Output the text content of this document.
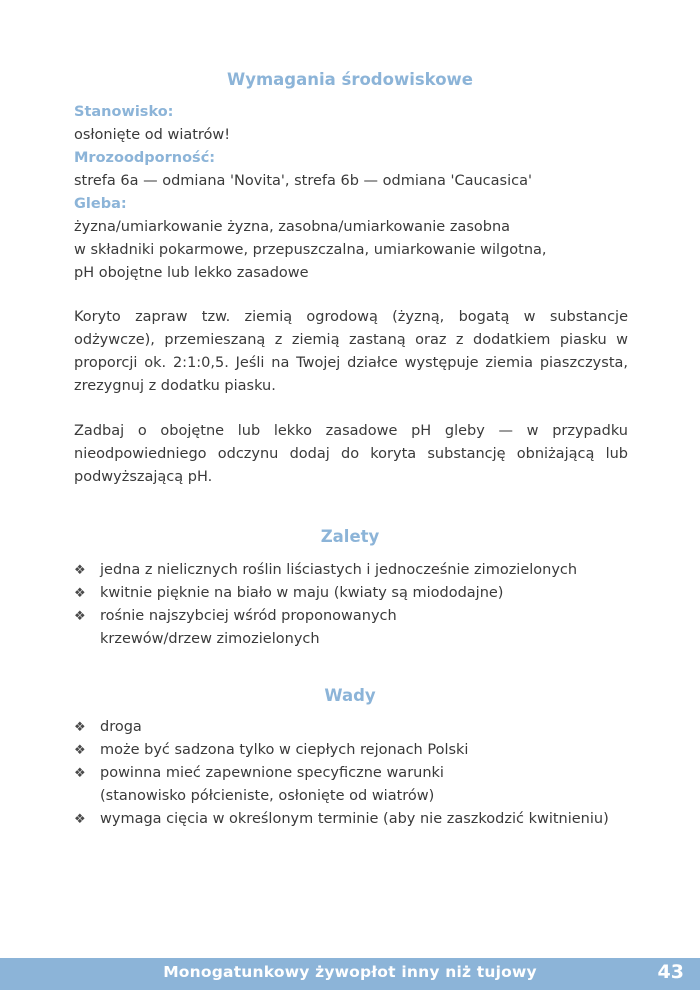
Wymagania środowiskowe
Stanowisko:
osłonięte od wiatrów!
Mrozoodporność:
strefa 6a — odmiana 'Novita', strefa 6b — odmiana 'Caucasica'
Gleba:
żyzna/umiarkowanie żyzna, zasobna/umiarkowanie zasobna
w składniki pokarmowe, przepuszczalna, umiarkowanie wilgotna,
pH obojętne lub lekko zasadowe
Koryto zapraw tzw. ziemią ogrodową (żyzną, bogatą w substancje odżywcze), przemieszaną z ziemią zastaną oraz z dodatkiem piasku w proporcji ok. 2:1:0,5. Jeśli na Twojej działce występuje ziemia piaszczysta, zrezygnuj z dodatku piasku.
Zadbaj o obojętne lub lekko zasadowe pH gleby — w przypadku nieodpowiedniego odczynu dodaj do koryta substancję obniżającą lub podwyższającą pH.
Zalety
❖ jedna z nielicznych roślin liściastych i jednocześnie zimozielonych
❖ kwitnie pięknie na biało w maju (kwiaty są miododajne)
❖ rośnie najszybciej wśród proponowanych krzewów/drzew zimozielonych
Wady
❖ droga
❖ może być sadzona tylko w ciepłych rejonach Polski
❖ powinna mieć zapewnione specyficzne warunki (stanowisko półcieniste, osłonięte od wiatrów)
❖ wymaga cięcia w określonym terminie (aby nie zaszkodzić kwitnieniu)
Monogatunkowy żywopłot inny niż tujowy	43
